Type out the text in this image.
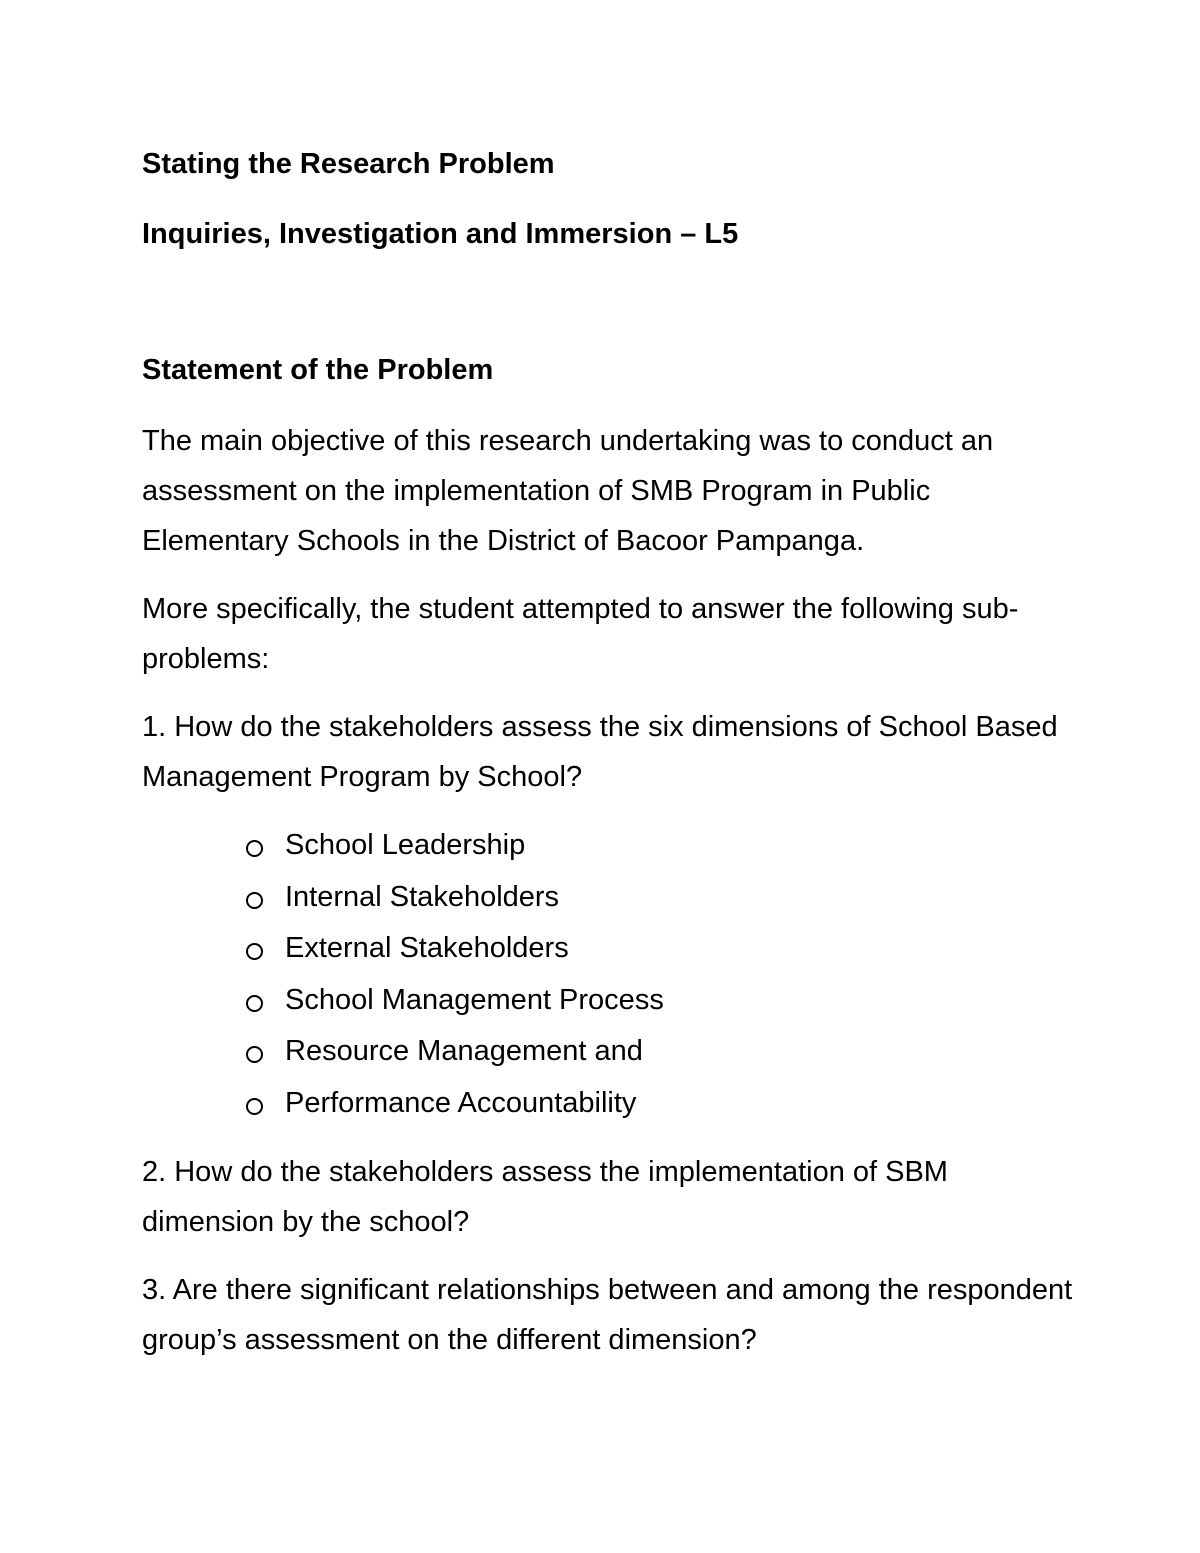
Stating the Research Problem
Inquiries, Investigation and Immersion – L5
Statement of the Problem

The main objective of this research undertaking was to conduct an assessment on the implementation of SMB Program in Public Elementary Schools in the District of Bacoor Pampanga.

More specifically, the student attempted to answer the following sub-problems:

1. How do the stakeholders assess the six dimensions of School Based Management Program by School?

School Leadership
Internal Stakeholders
External Stakeholders
School Management Process
Resource Management and
Performance Accountability

2. How do the stakeholders assess the implementation of SBM dimension by the school?

3. Are there significant relationships between and among the respondent group’s assessment on the different dimension?
